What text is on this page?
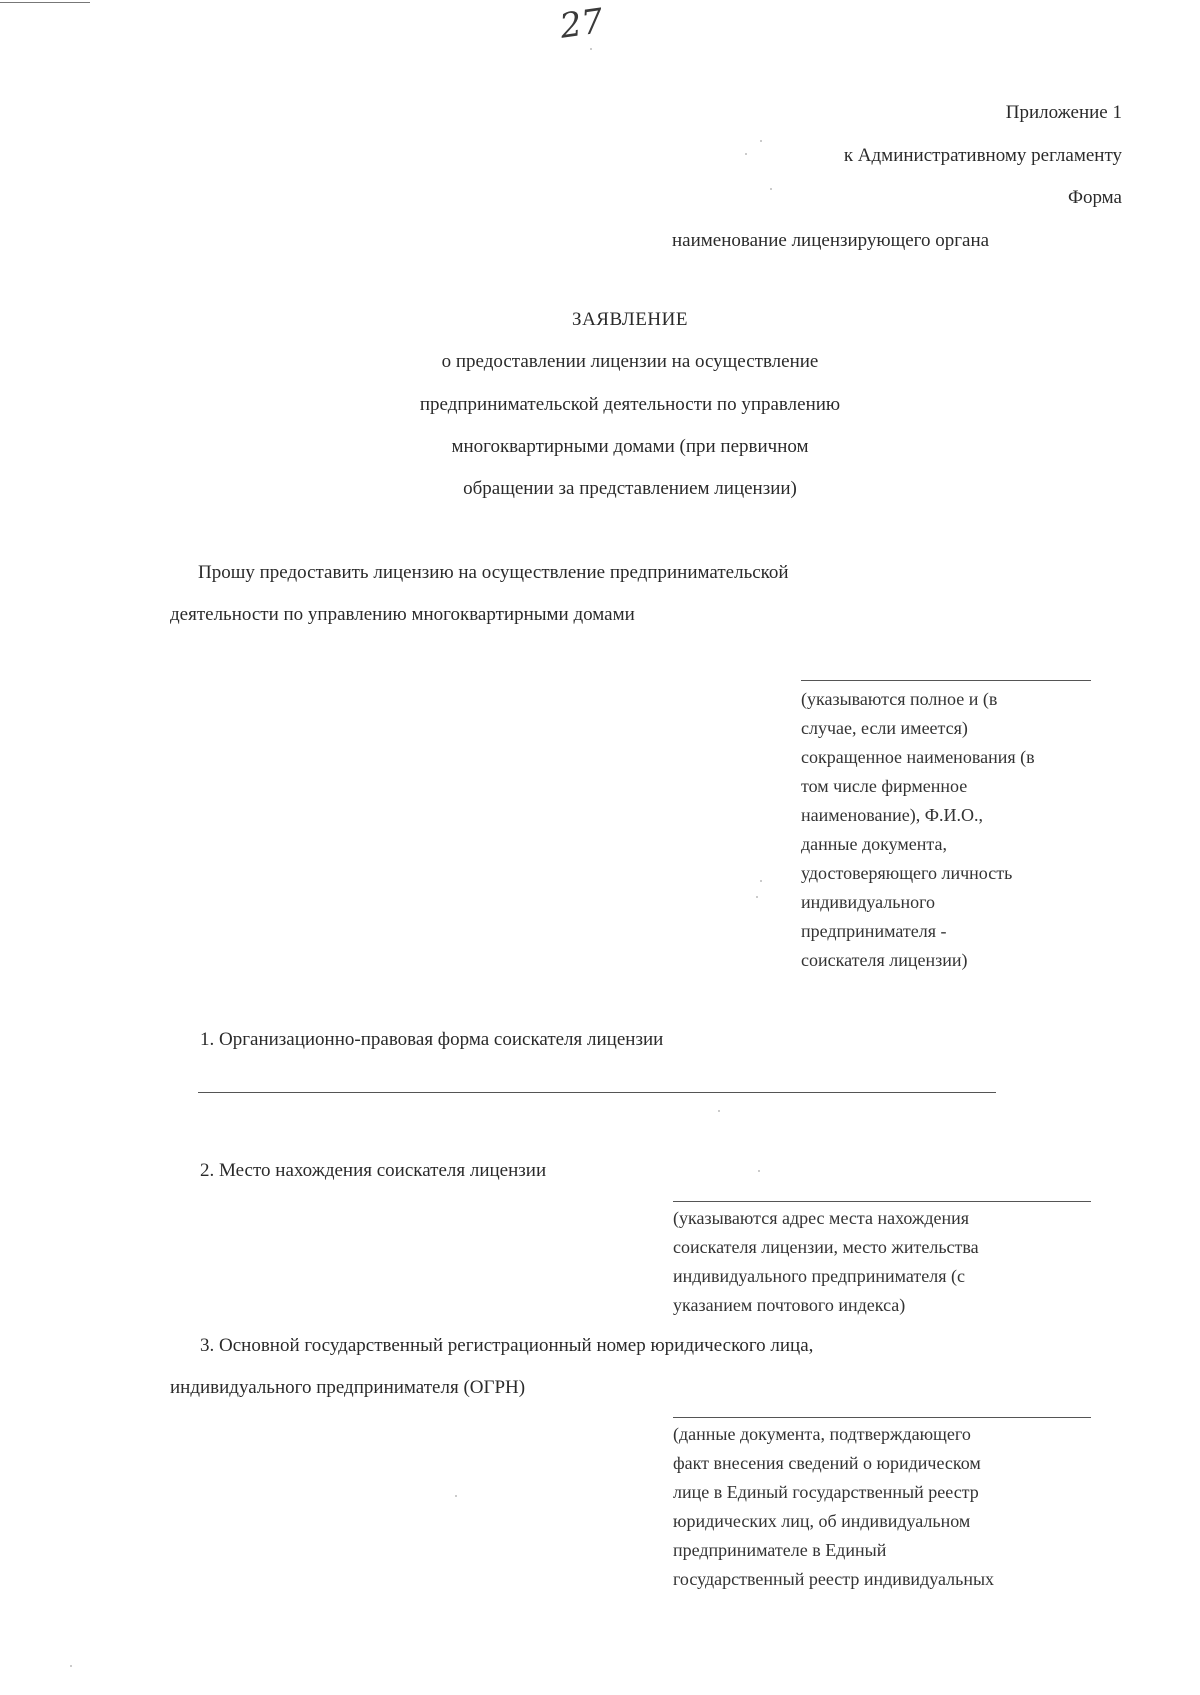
27
Приложение 1
к Административному регламенту
Форма
наименование лицензирующего органа
ЗАЯВЛЕНИЕ
о предоставлении лицензии на осуществление
предпринимательской деятельности по управлению
многоквартирными домами (при первичном
обращении за представлением лицензии)
Прошу предоставить лицензию на осуществление предпринимательской
деятельности по управлению многоквартирными домами
(указываются полное и (в
случае, если имеется)
сокращенное наименования (в
том числе фирменное
наименование), Ф.И.О.,
данные документа,
удостоверяющего личность
индивидуального
предпринимателя -
соискателя лицензии)
1. Организационно-правовая форма соискателя лицензии
2. Место нахождения соискателя лицензии
(указываются адрес места нахождения
соискателя лицензии, место жительства
индивидуального предпринимателя (с
указанием почтового индекса)
3. Основной государственный регистрационный номер юридического лица,
индивидуального предпринимателя (ОГРН)
(данные документа, подтверждающего
факт внесения сведений о юридическом
лице в Единый государственный реестр
юридических лиц, об индивидуальном
предпринимателе в Единый
государственный реестр индивидуальных
